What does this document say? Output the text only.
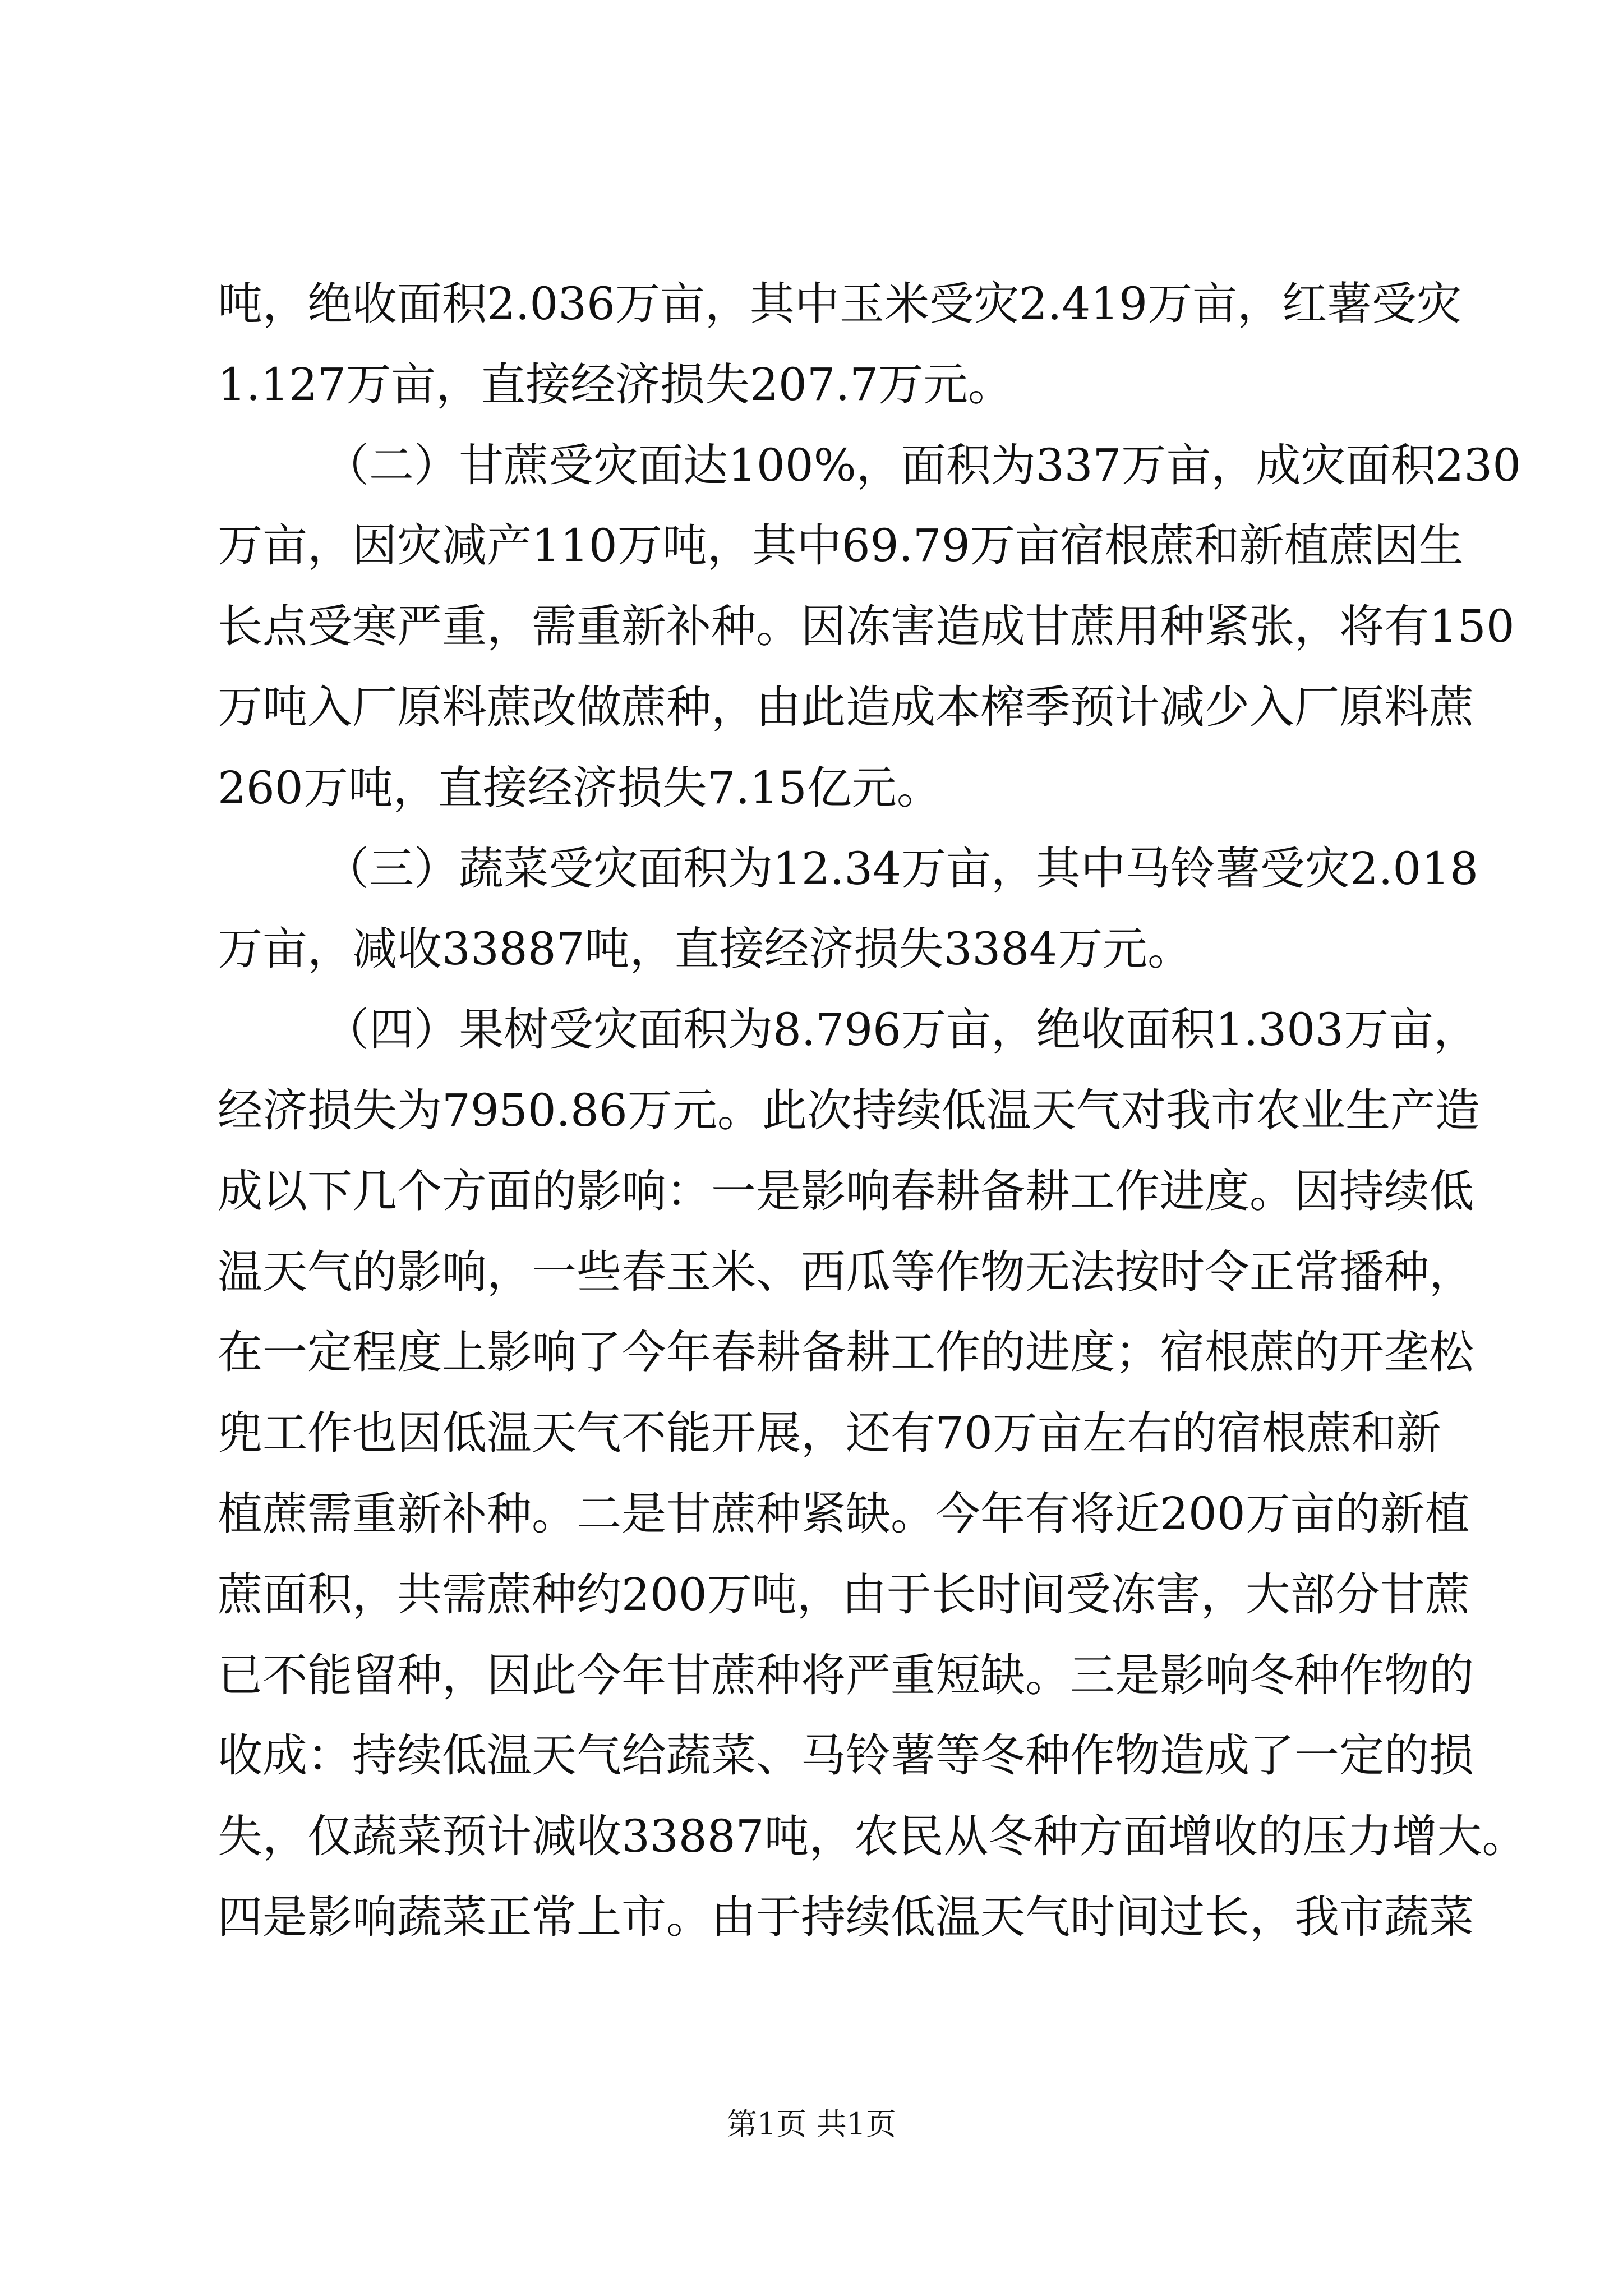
吨，绝收面积2.036万亩，其中玉米受灾2.419万亩，红薯受灾
1.127万亩，直接经济损失207.7万元。
（二）甘蔗受灾面达100%，面积为337万亩，成灾面积230
万亩，因灾减产110万吨，其中69.79万亩宿根蔗和新植蔗因生
长点受寒严重，需重新补种。因冻害造成甘蔗用种紧张，将有150
万吨入厂原料蔗改做蔗种，由此造成本榨季预计减少入厂原料蔗
260万吨，直接经济损失7.15亿元。
（三）蔬菜受灾面积为12.34万亩，其中马铃薯受灾2.018
万亩，减收33887吨，直接经济损失3384万元。
（四）果树受灾面积为8.796万亩，绝收面积1.303万亩，
经济损失为7950.86万元。此次持续低温天气对我市农业生产造
成以下几个方面的影响：一是影响春耕备耕工作进度。因持续低
温天气的影响，一些春玉米、西瓜等作物无法按时令正常播种，
在一定程度上影响了今年春耕备耕工作的进度；宿根蔗的开垄松
兜工作也因低温天气不能开展，还有70万亩左右的宿根蔗和新
植蔗需重新补种。二是甘蔗种紧缺。今年有将近200万亩的新植
蔗面积，共需蔗种约200万吨，由于长时间受冻害，大部分甘蔗
已不能留种，因此今年甘蔗种将严重短缺。三是影响冬种作物的
收成：持续低温天气给蔬菜、马铃薯等冬种作物造成了一定的损
失，仅蔬菜预计减收33887吨，农民从冬种方面增收的压力增大。
四是影响蔬菜正常上市。由于持续低温天气时间过长，我市蔬菜
第1页 共1页
